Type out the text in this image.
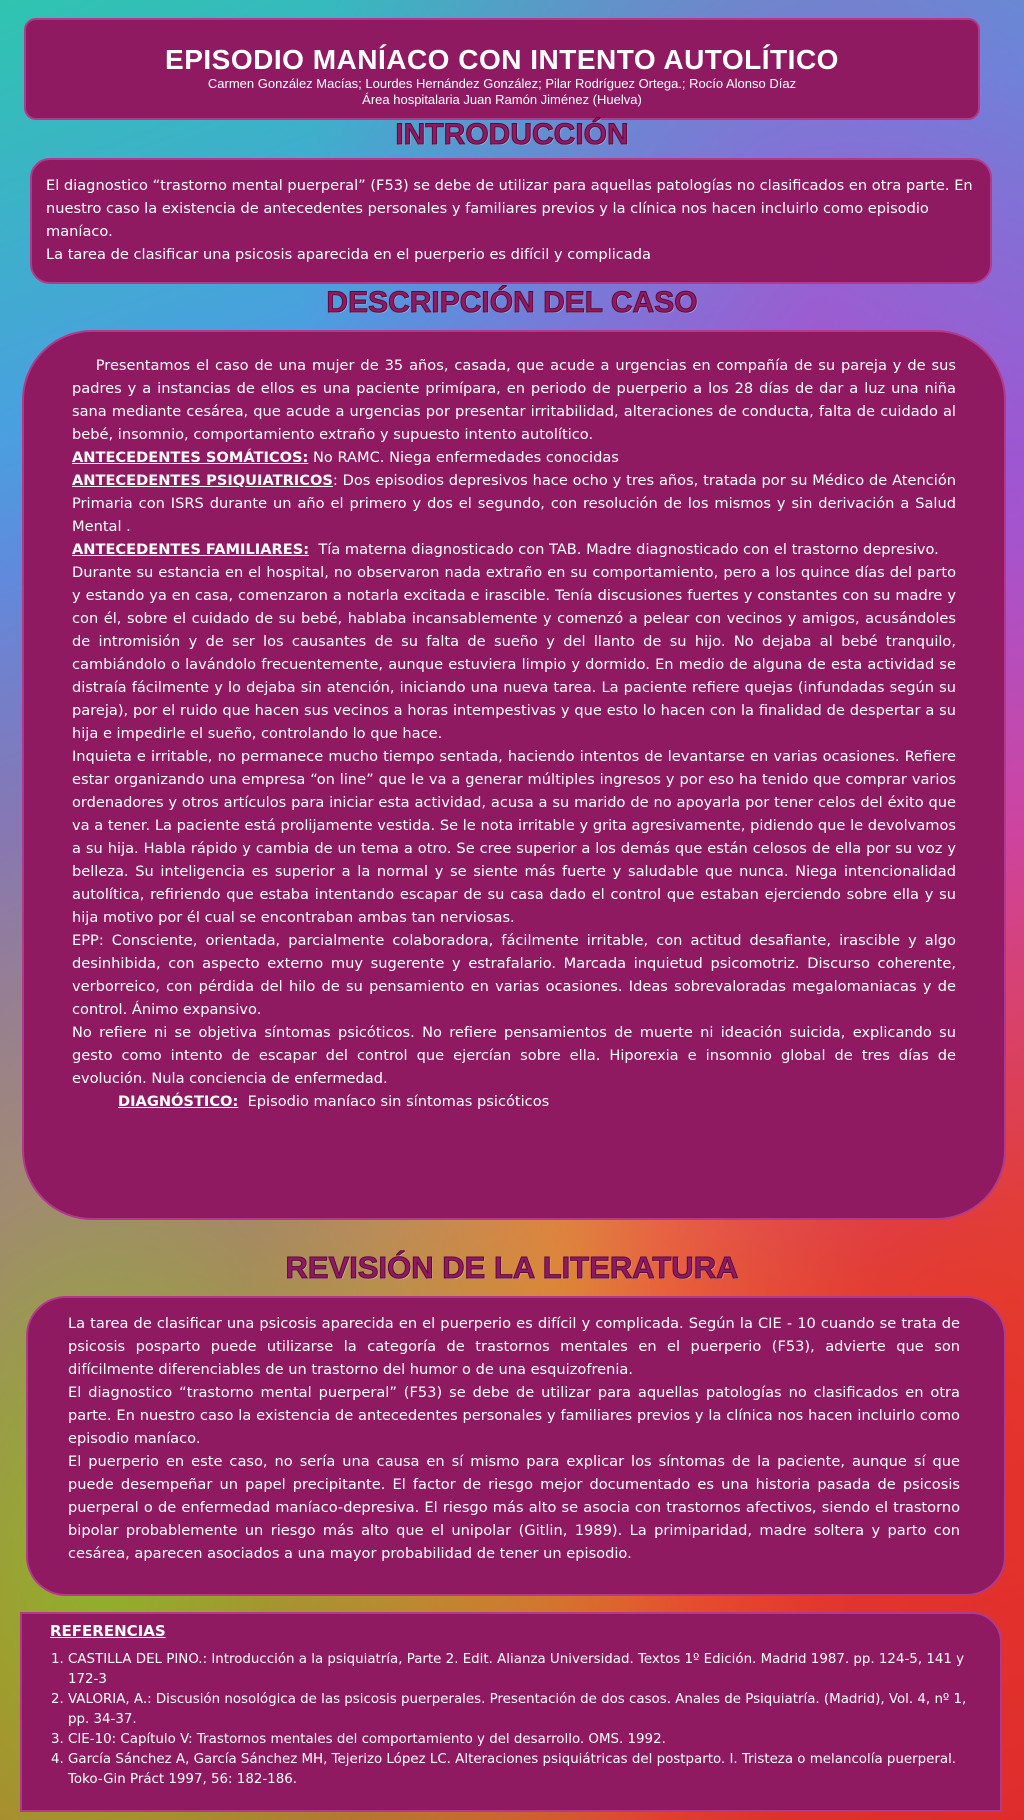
EPISODIO MANÍACO CON INTENTO AUTOLÍTICO
Carmen González Macías; Lourdes Hernández González; Pilar Rodríguez Ortega.; Rocío Alonso Díaz
Área hospitalaria Juan Ramón Jiménez (Huelva)
INTRODUCCIÓN
El diagnostico “trastorno mental puerperal” (F53) se debe de utilizar para aquellas patologías no clasificados en otra parte. En nuestro caso la existencia de antecedentes personales y familiares previos y la clínica nos hacen incluirlo como episodio maníaco.
La tarea de clasificar una psicosis aparecida en el puerperio es difícil y complicada
DESCRIPCIÓN DEL CASO

Presentamos el caso de una mujer de 35 años, casada, que acude a urgencias en compañía de su pareja y de sus padres y a instancias de ellos es una paciente primípara, en periodo de puerperio a los 28 días de dar a luz una niña sana mediante cesárea, que acude a urgencias por presentar irritabilidad, alteraciones de conducta, falta de cuidado al bebé, insomnio, comportamiento extraño y supuesto intento autolítico.

ANTECEDENTES SOMÁTICOS: No RAMC. Niega enfermedades conocidas

ANTECEDENTES PSIQUIATRICOS: Dos episodios depresivos hace ocho y tres años, tratada por su Médico de Atención Primaria con ISRS durante un año el primero y dos el segundo, con resolución de los mismos y sin derivación a Salud Mental .

ANTECEDENTES FAMILIARES:  Tía materna diagnosticado con TAB. Madre diagnosticado con el trastorno depresivo.

Durante su estancia en el hospital, no observaron nada extraño en su comportamiento, pero a los quince días del parto y estando ya en casa, comenzaron a notarla excitada e irascible. Tenía discusiones fuertes y constantes con su madre y con él, sobre el cuidado de su bebé, hablaba incansablemente y comenzó a pelear con vecinos y amigos, acusándoles de intromisión y de ser los causantes de su falta de sueño y del llanto de su hijo. No dejaba al bebé tranquilo, cambiándolo o lavándolo frecuentemente, aunque estuviera limpio y dormido. En medio de alguna de esta actividad se distraía fácilmente y lo dejaba sin atención, iniciando una nueva tarea. La paciente refiere quejas (infundadas según su pareja), por el ruido que hacen sus vecinos a horas intempestivas y que esto lo hacen con la finalidad de despertar a su hija e impedirle el sueño, controlando lo que hace.

Inquieta e irritable, no permanece mucho tiempo sentada, haciendo intentos de levantarse en varias ocasiones. Refiere estar organizando una empresa “on line” que le va a generar múltiples ingresos y por eso ha tenido que comprar varios ordenadores y otros artículos para iniciar esta actividad, acusa a su marido de no apoyarla por tener celos del éxito que va a tener. La paciente está prolijamente vestida. Se le nota irritable y grita agresivamente, pidiendo que le devolvamos a su hija. Habla rápido y cambia de un tema a otro. Se cree superior a los demás que están celosos de ella por su voz y belleza. Su inteligencia es superior a la normal y se siente más fuerte y saludable que nunca. Niega intencionalidad autolítica, refiriendo que estaba intentando escapar de su casa dado el control que estaban ejerciendo sobre ella y su hija motivo por él cual se encontraban ambas tan nerviosas.

EPP: Consciente, orientada, parcialmente colaboradora, fácilmente irritable, con actitud desafiante, irascible y algo desinhibida, con aspecto externo muy sugerente y estrafalario. Marcada inquietud psicomotriz. Discurso coherente, verborreico, con pérdida del hilo de su pensamiento en varias ocasiones. Ideas sobrevaloradas megalomaniacas y de control. Ánimo expansivo.

No refiere ni se objetiva síntomas psicóticos. No refiere pensamientos de muerte ni ideación suicida, explicando su gesto como intento de escapar del control que ejercían sobre ella. Hiporexia e insomnio global de tres días de evolución. Nula conciencia de enfermedad.

DIAGNÓSTICO:  Episodio maníaco sin síntomas psicóticos

REVISIÓN DE LA LITERATURA

La tarea de clasificar una psicosis aparecida en el puerperio es difícil y complicada. Según la CIE - 10 cuando se trata de psicosis posparto puede utilizarse la categoría de trastornos mentales en el puerperio (F53), advierte que son difícilmente diferenciables de un trastorno del humor o de una esquizofrenia.

El diagnostico “trastorno mental puerperal” (F53) se debe de utilizar para aquellas patologías no clasificados en otra parte. En nuestro caso la existencia de antecedentes personales y familiares previos y la clínica nos hacen incluirlo como episodio maníaco.

El puerperio en este caso, no sería una causa en sí mismo para explicar los síntomas de la paciente, aunque sí que puede desempeñar un papel precipitante. El factor de riesgo mejor documentado es una historia pasada de psicosis puerperal o de enfermedad maníaco-depresiva. El riesgo más alto se asocia con trastornos afectivos, siendo el trastorno bipolar probablemente un riesgo más alto que el unipolar (Gitlin, 1989). La primiparidad, madre soltera y parto con cesárea, aparecen asociados a una mayor probabilidad de tener un episodio.

REFERENCIAS
1. CASTILLA DEL PINO.: Introducción a la psiquiatría, Parte 2. Edit. Alianza Universidad. Textos 1º Edición. Madrid 1987. pp. 124-5, 141 y 172-3
2. VALORIA, A.: Discusión nosológica de las psicosis puerperales. Presentación de dos casos. Anales de Psiquiatría. (Madrid), Vol. 4, nº 1, pp. 34-37.
3. CIE-10: Capítulo V: Trastornos mentales del comportamiento y del desarrollo. OMS. 1992.
4. García Sánchez A, García Sánchez MH, Tejerizo López LC. Alteraciones psiquiátricas del postparto. I. Tristeza o melancolía puerperal. Toko-Gin Práct 1997, 56: 182-186.
